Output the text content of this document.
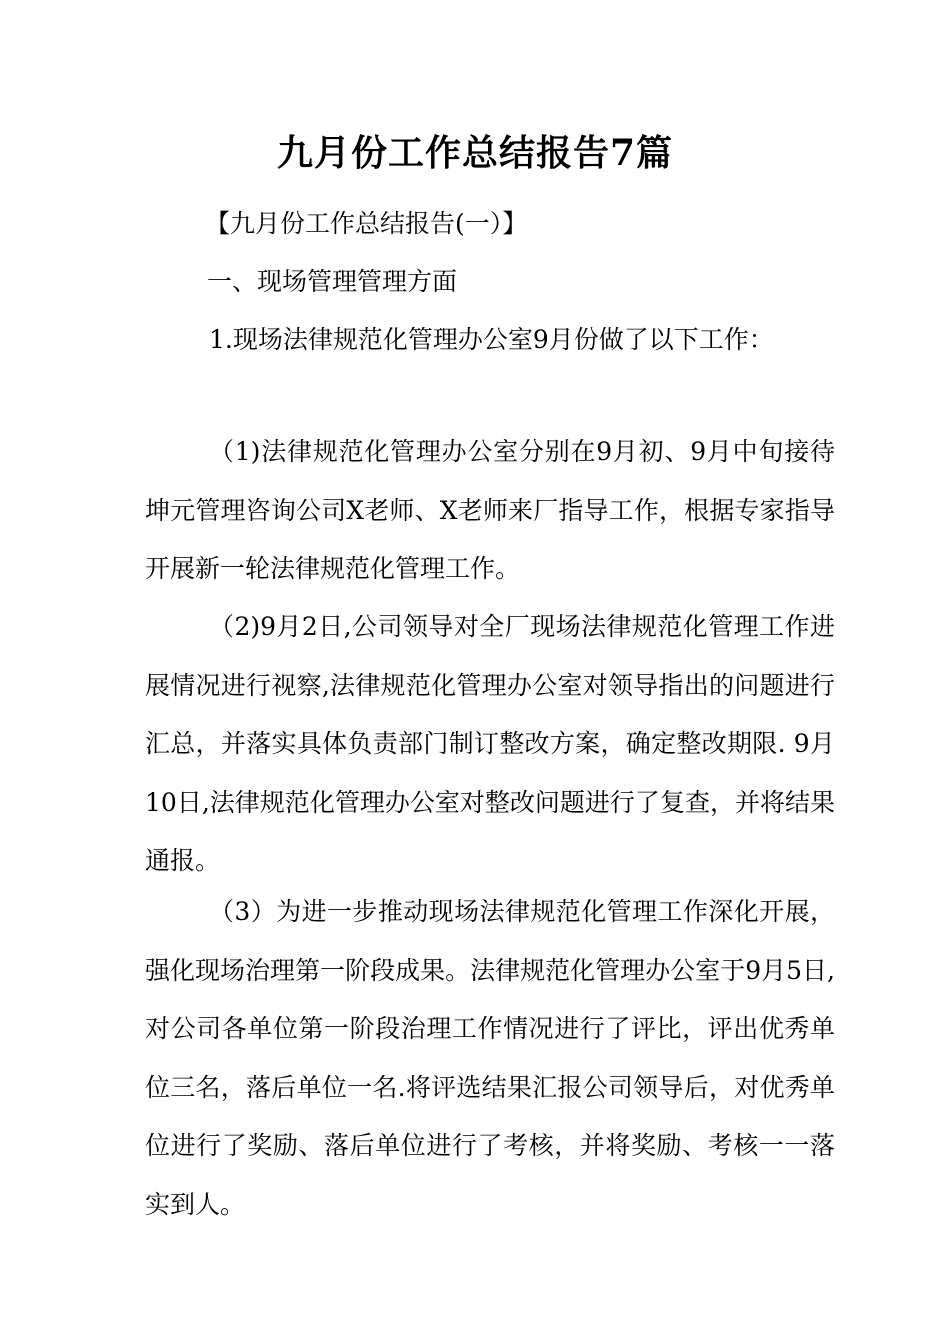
九月份工作总结报告7篇
【九月份工作总结报告(一）】
一、现场管理管理方面
1.现场法律规范化管理办公室9月份做了以下工作：
（1)法律规范化管理办公室分别在9月初、9月中旬接待坤元管理咨询公司X老师、X老师来厂指导工作，根据专家指导开展新一轮法律规范化管理工作。
（2)9月2日,公司领导对全厂现场法律规范化管理工作进展情况进行视察,法律规范化管理办公室对领导指出的问题进行汇总，并落实具体负责部门制订整改方案，确定整改期限. 9月10日,法律规范化管理办公室对整改问题进行了复查，并将结果通报。
（3）为进一步推动现场法律规范化管理工作深化开展，强化现场治理第一阶段成果。法律规范化管理办公室于9月5日,对公司各单位第一阶段治理工作情况进行了评比，评出优秀单位三名，落后单位一名.将评选结果汇报公司领导后，对优秀单位进行了奖励、落后单位进行了考核，并将奖励、考核一一落实到人。
